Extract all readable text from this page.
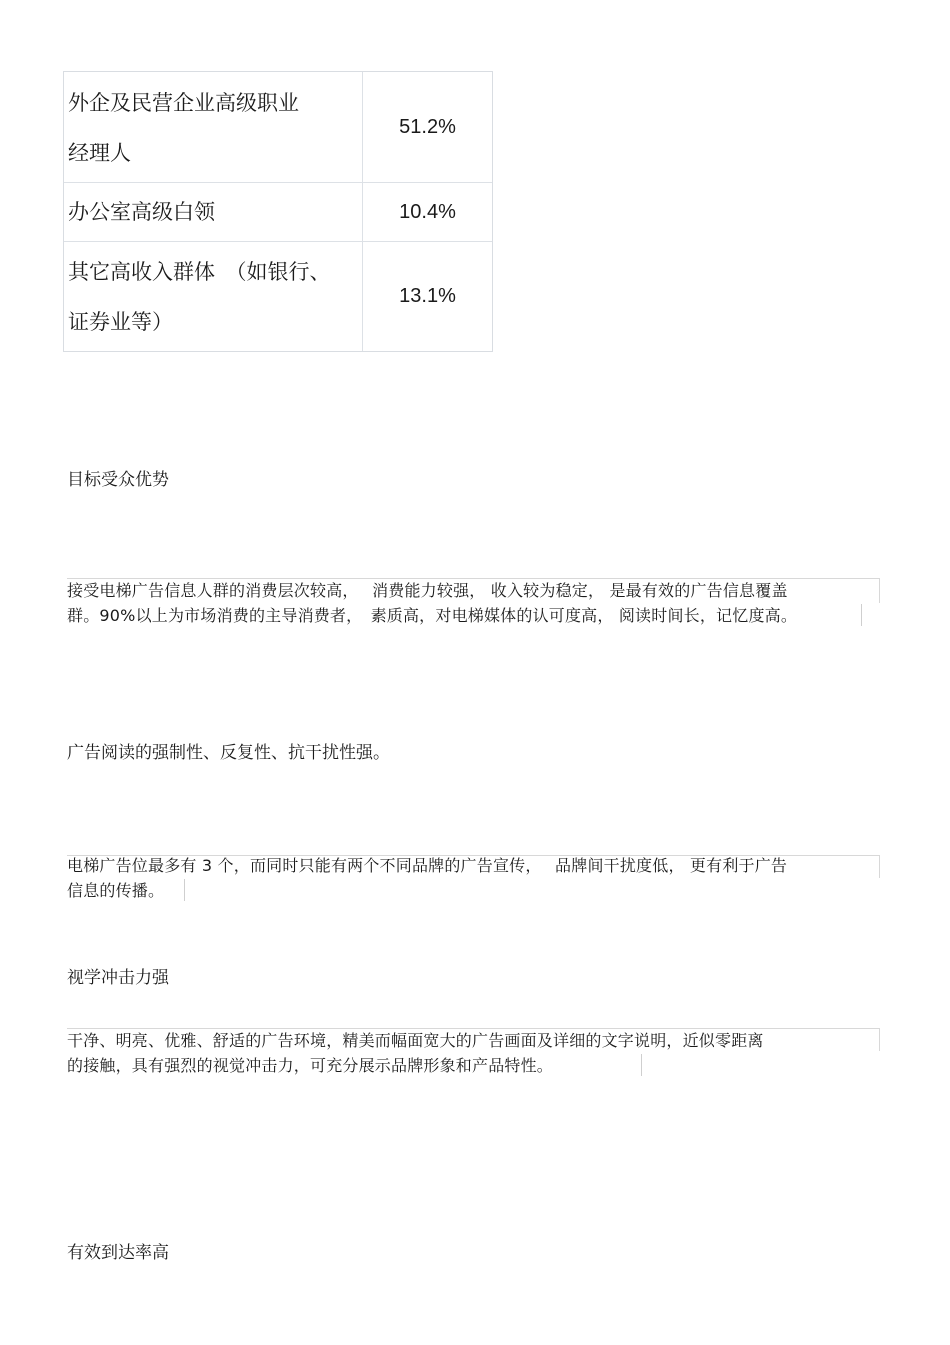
外企及民营企业高级职业
经理人
51.2%
办公室高级白领	10.4%
其它高收入群体　（如银行、
证券业等）
13.1%
目标受众优势
接受电梯广告信息人群的消费层次较高，　 消费能力较强， 收入较为稳定， 是最有效的广告信息覆盖
群。90%以上为市场消费的主导消费者，　素质高，对电梯媒体的认可度高， 阅读时间长，记忆度高。
广告阅读的强制性、反复性、抗干扰性强。
电梯广告位最多有 3 个，而同时只能有两个不同品牌的广告宣传，　 品牌间干扰度低， 更有利于广告
信息的传播。
视学冲击力强
干净、明亮、优雅、舒适的广告环境，精美而幅面宽大的广告画面及详细的文字说明，近似零距离
的接触，具有强烈的视觉冲击力，可充分展示品牌形象和产品特性。
有效到达率高
